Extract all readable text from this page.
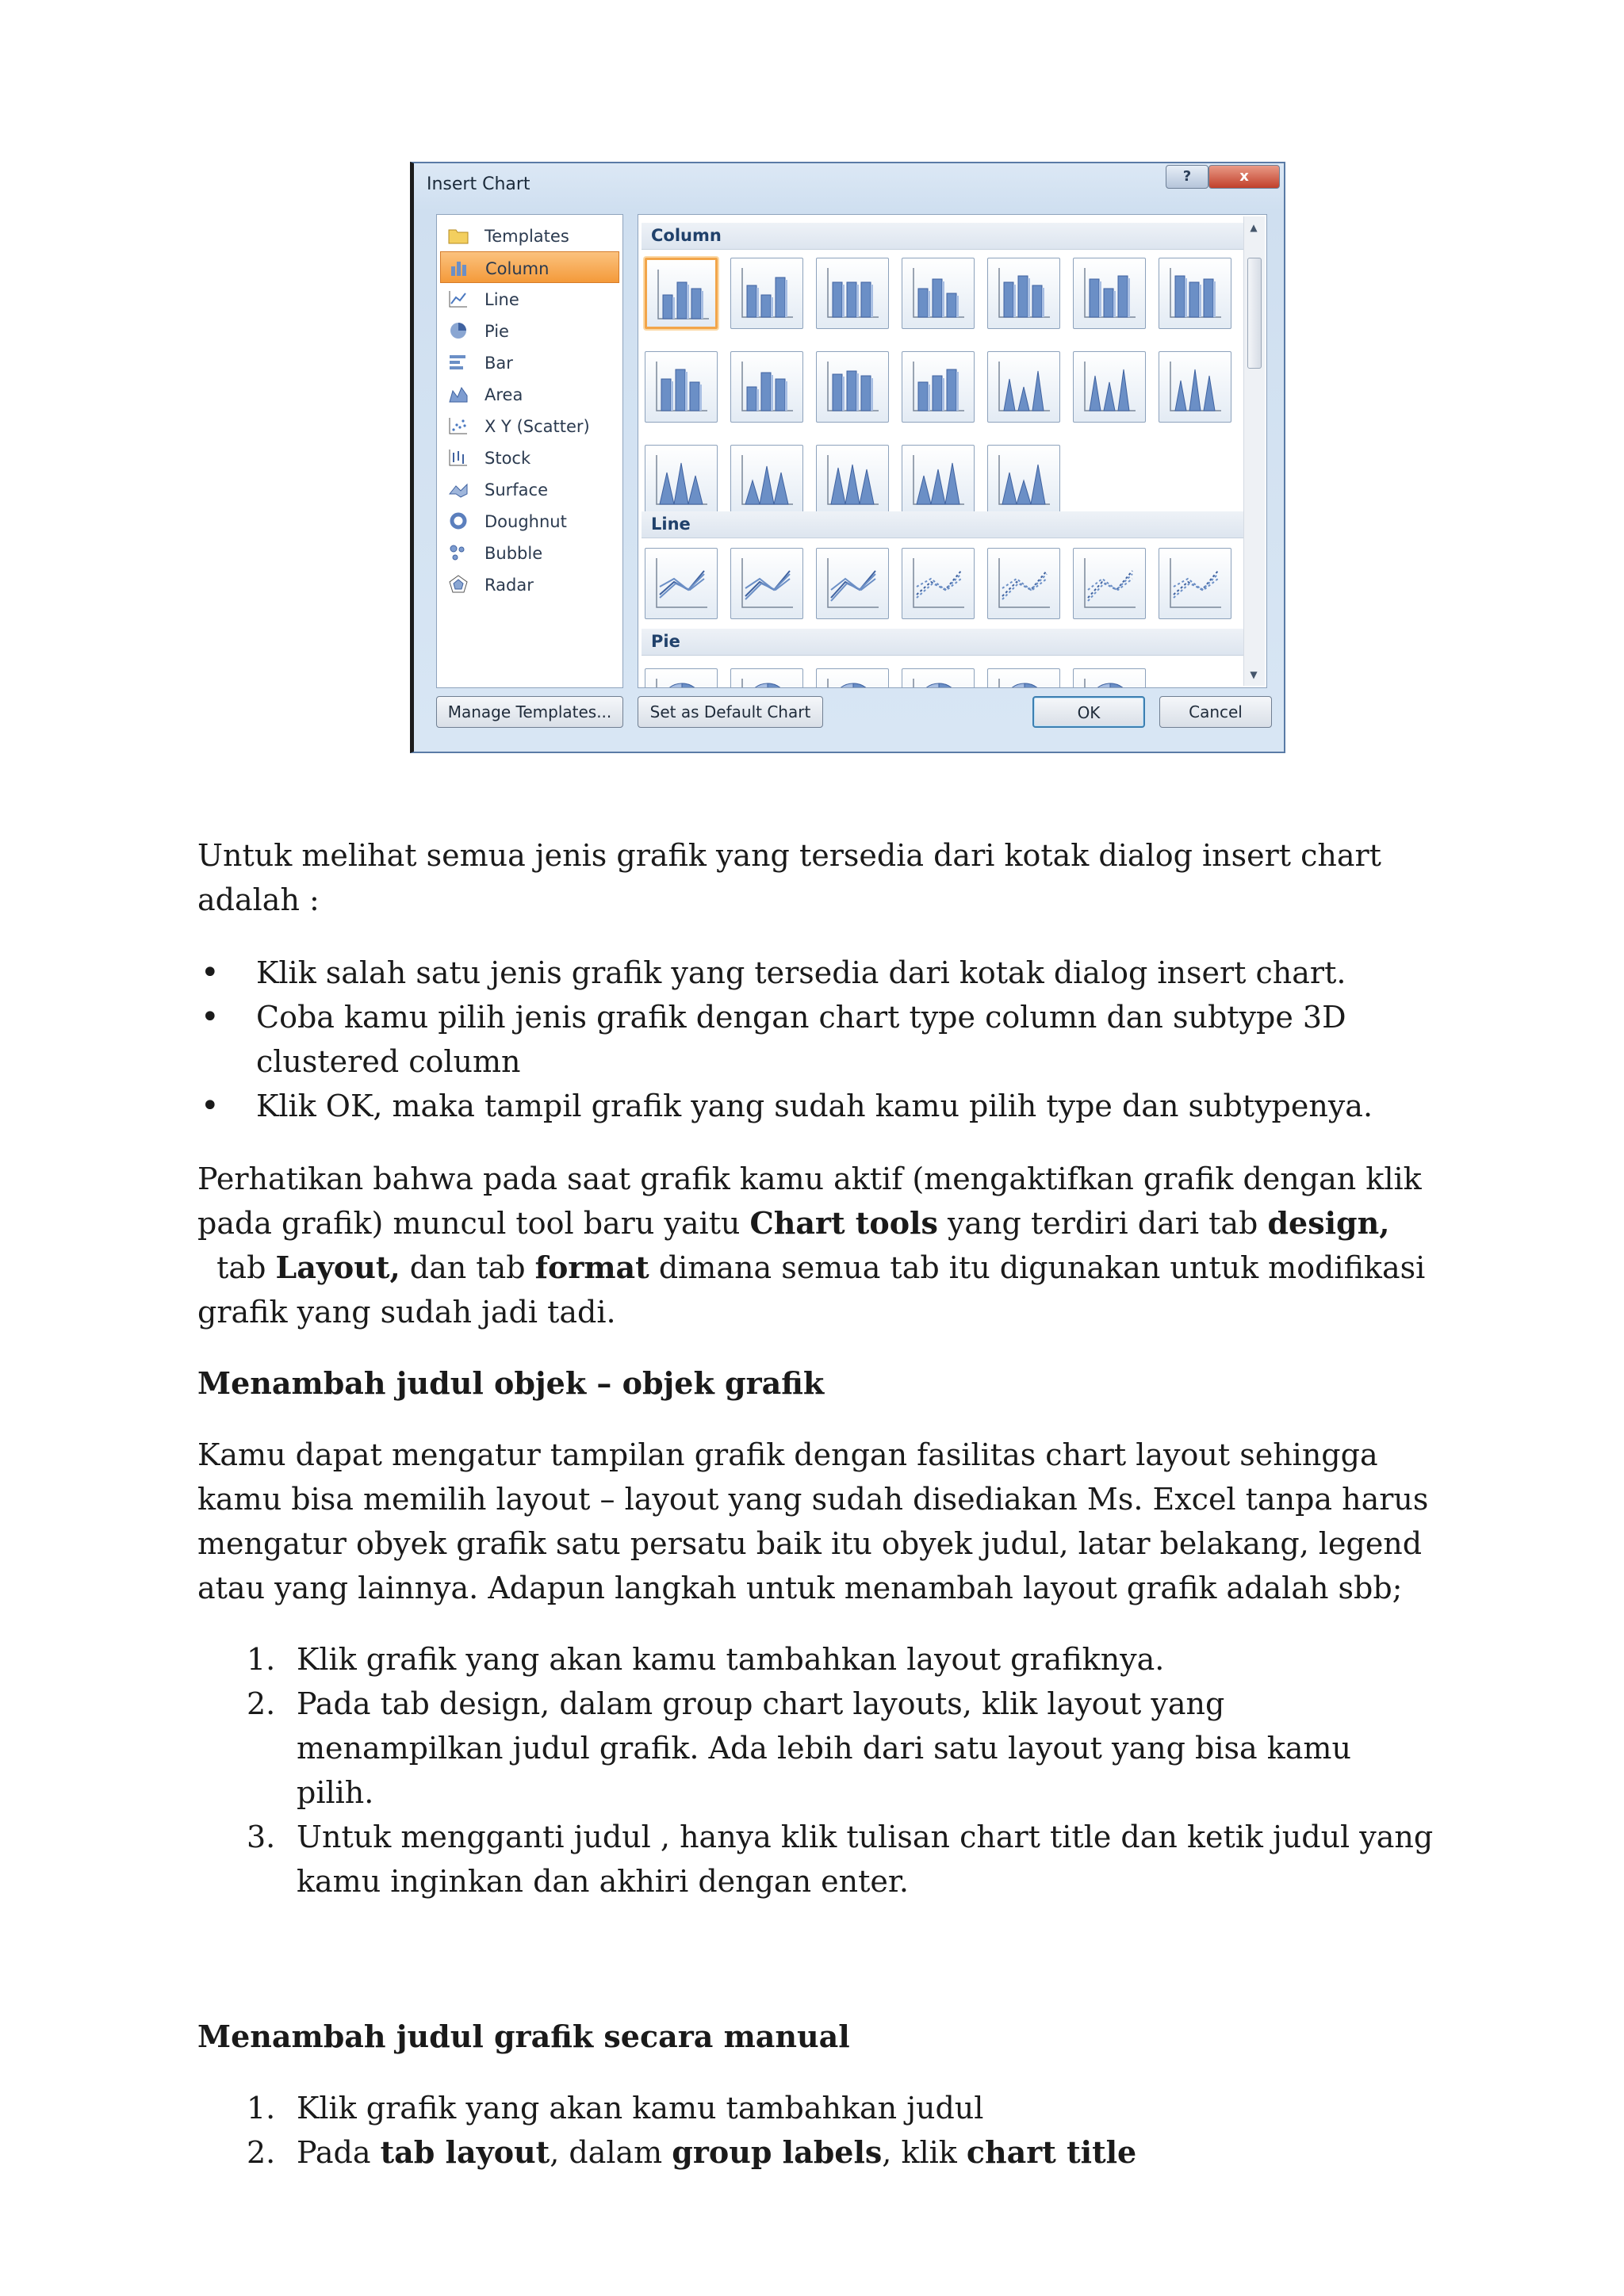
Insert Chart	?	x
Templates
Column
Line
Pie
Bar
Area
X Y (Scatter)
Stock
Surface
Doughnut
Bubble
Radar
Column
Line
Pie
▲
▼
Manage Templates...	Set as Default Chart	OK	Cancel

Untuk melihat semua jenis grafik yang tersedia dari kotak dialog insert chart adalah :

• Klik salah satu jenis grafik yang tersedia dari kotak dialog insert chart.
• Coba kamu pilih jenis grafik dengan chart type column dan subtype 3D clustered column
• Klik OK, maka tampil grafik yang sudah kamu pilih type dan subtypenya.

Perhatikan bahwa pada saat grafik kamu aktif (mengaktifkan grafik dengan klik pada grafik) muncul tool baru yaitu Chart tools yang terdiri dari tab design,  tab Layout, dan tab format dimana semua tab itu digunakan untuk modifikasi grafik yang sudah jadi tadi.

Menambah judul objek – objek grafik

Kamu dapat mengatur tampilan grafik dengan fasilitas chart layout sehingga kamu bisa memilih layout – layout yang sudah disediakan Ms. Excel tanpa harus mengatur obyek grafik satu persatu baik itu obyek judul, latar belakang, legend atau yang lainnya. Adapun langkah untuk menambah layout grafik adalah sbb;

1. Klik grafik yang akan kamu tambahkan layout grafiknya.
2. Pada tab design, dalam group chart layouts, klik layout yang menampilkan judul grafik. Ada lebih dari satu layout yang bisa kamu pilih.
3. Untuk mengganti judul , hanya klik tulisan chart title dan ketik judul yang kamu inginkan dan akhiri dengan enter.

Menambah judul grafik secara manual

1. Klik grafik yang akan kamu tambahkan judul
2. Pada tab layout, dalam group labels, klik chart title
